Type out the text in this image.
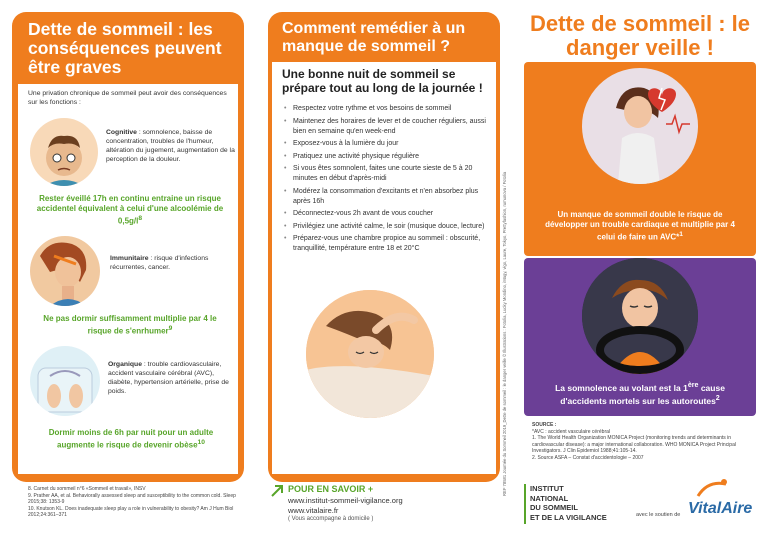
Dette de sommeil : les conséquences peuvent être graves
Une privation chronique de sommeil peut avoir des conséquences sur les fonctions :
Cognitive : somnolence, baisse de concentration, troubles de l'humeur, altération du jugement, augmentation de la perception de la douleur.
Rester éveillé 17h en continu entraine un risque accidentel équivalent à celui d'une alcoolémie de $0,5g/l^8$
Immunitaire : risque d'infections récurrentes, cancer.
Ne pas dormir suffisamment multiplie par 4 le risque de s'enrhumer$^9$
Organique : trouble cardiovasculaire, accident vasculaire cérébral (AVC), diabète, hypertension artérielle, prise de poids.
Dormir moins de 6h par nuit pour un adulte augmente le risque de devenir obèse$^{10}$
8. Carnet du sommeil n°6 «Sommeil et travail», INSV
9. Prather AA, et al. Behaviorally assessed sleep and susceptibility to the common cold. Sleep 2015;38: 1353-9
10. Knutson KL. Does inadequate sleep play a role in vulnerability to obesity? Am J Hum Biol 2012;24:361–371
Comment remédier à un manque de sommeil ?
Une bonne nuit de sommeil se prépare tout au long de la journée !
• Respectez votre rythme et vos besoins de sommeil
• Maintenez des horaires de lever et de coucher réguliers, aussi bien en semaine qu'en week-end
• Exposez-vous à la lumière du jour
• Pratiquez une activité physique régulière
• Si vous êtes somnolent, faites une courte sieste de 5 à 20 minutes en début d'après-midi
• Modérez la consommation d'excitants et n'en absorbez plus après 16h
• Déconnectez-vous 2h avant de vous coucher
• Privilégiez une activité calme, le soir (musique douce, lecture)
• Préparez-vous une chambre propice au sommeil : obscurité, tranquillité, température entre 18 et 20°C	REF 78581 Journée du Sommeil 2019_Dette de sommeil : le danger veille © Illustrations : Fotolia, Lucky Mondino, iMagy, vigo, Laure, Tokyo, Prettyfashion, rumunova / Fotolia
POUR EN SAVOIR +
www.institut-sommeil-vigilance.org
www.vitalaire.fr
( Vous accompagne à domicile )
Dette de sommeil : le danger veille !
Un manque de sommeil double le risque de développer un trouble cardiaque et multiplie par 4 celui de faire un AVC*$^1$
La somnolence au volant est la 1ère cause d'accidents mortels sur les autoroutes$^2$
SOURCE :
*AVC : accident vasculaire cérébral
1. The World Health Organization MONICA Project (monitoring trends and determinants in cardiovascular disease): a major international collaboration. WHO MONICA Project Principal Investigators. J Clin Epidemiol 1988;41:105-14.
2. Source ASFA – Constat d'accidentologie – 2007
INSTITUT
NATIONAL
DU SOMMEIL
ET DE LA VIGILANCE	avec le soutien de VitalAire
